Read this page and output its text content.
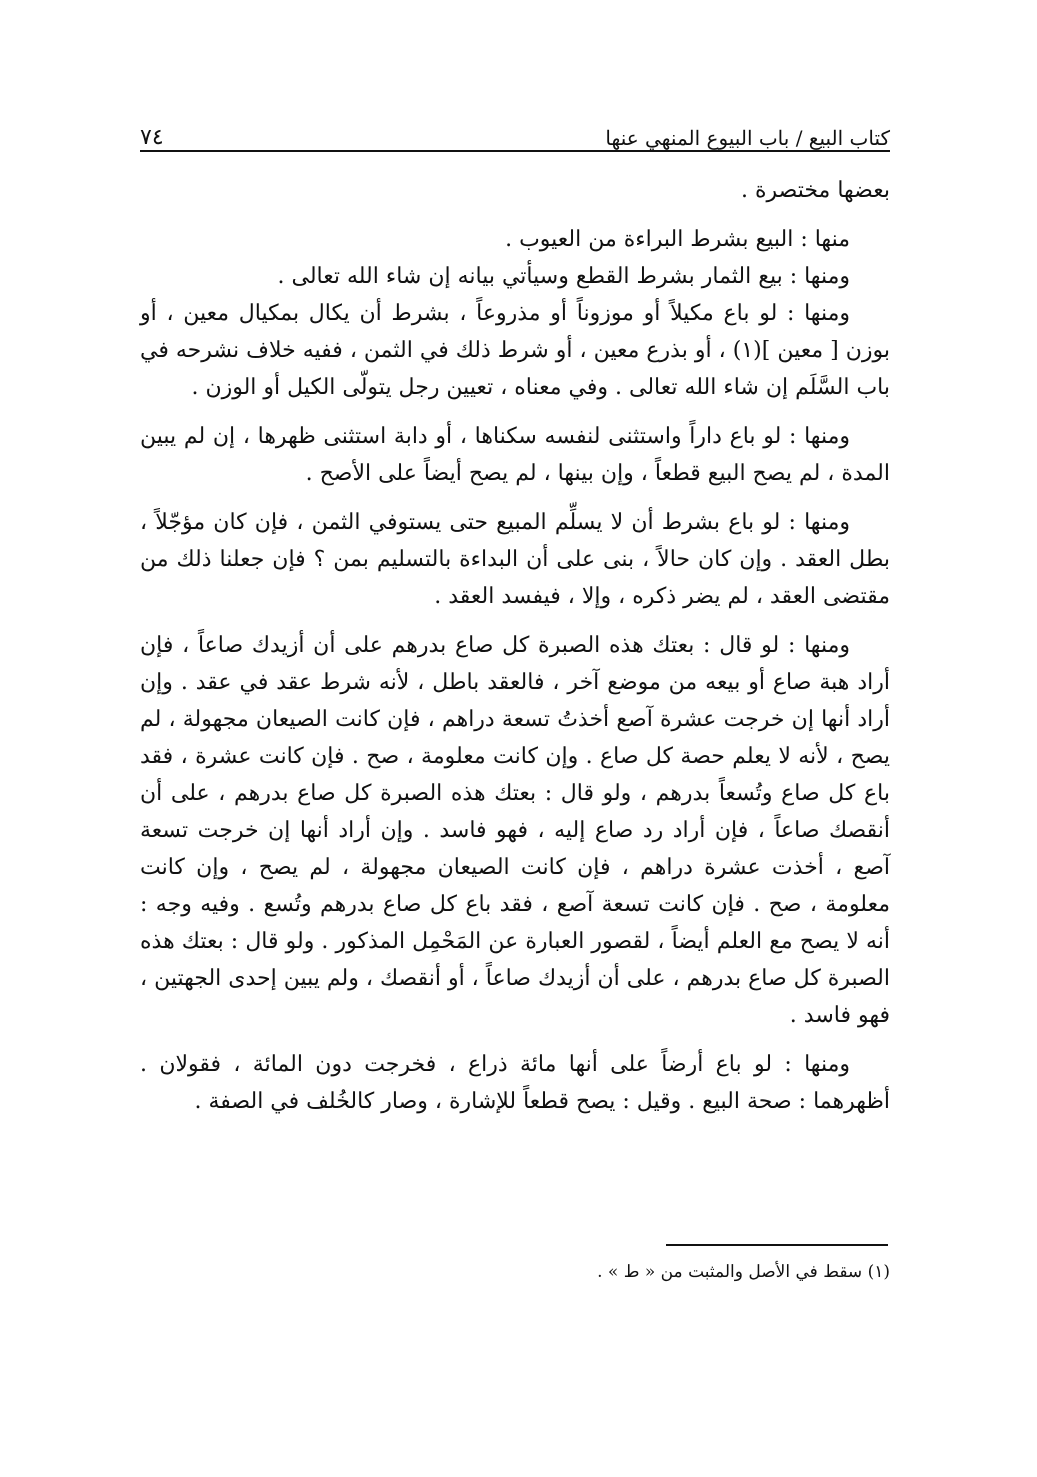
٧٤	كتاب البيع / باب البيوع المنهي عنها

بعضها مختصرة .

منها : البيع بشرط البراءة من العيوب .

ومنها : بيع الثمار بشرط القطع وسيأتي بيانه إن شاء الله تعالى .

ومنها : لو باع مكيلاً أو موزوناً أو مذروعاً ، بشرط أن يكال بمكيال معين ، أو بوزن [ معين ](١) ، أو بذرع معين ، أو شرط ذلك في الثمن ، ففيه خلاف نشرحه في باب السَّلَم إن شاء الله تعالى . وفي معناه ، تعيين رجل يتولّى الكيل أو الوزن .

ومنها : لو باع داراً واستثنى لنفسه سكناها ، أو دابة استثنى ظهرها ، إن لم يبين المدة ، لم يصح البيع قطعاً ، وإن بينها ، لم يصح أيضاً على الأصح .

ومنها : لو باع بشرط أن لا يسلِّم المبيع حتى يستوفي الثمن ، فإن كان مؤجّلاً ، بطل العقد . وإن كان حالاً ، بنى على أن البداءة بالتسليم بمن ؟ فإن جعلنا ذلك من مقتضى العقد ، لم يضر ذكره ، وإلا ، فيفسد العقد .

ومنها : لو قال : بعتك هذه الصبرة كل صاع بدرهم على أن أزيدك صاعاً ، فإن أراد هبة صاع أو بيعه من موضع آخر ، فالعقد باطل ، لأنه شرط عقد في عقد . وإن أراد أنها إن خرجت عشرة آصع أخذتُ تسعة دراهم ، فإن كانت الصيعان مجهولة ، لم يصح ، لأنه لا يعلم حصة كل صاع . وإن كانت معلومة ، صح . فإن كانت عشرة ، فقد باع كل صاع وتُسعاً بدرهم ، ولو قال : بعتك هذه الصبرة كل صاع بدرهم ، على أن أنقصك صاعاً ، فإن أراد رد صاع إليه ، فهو فاسد . وإن أراد أنها إن خرجت تسعة آصع ، أخذت عشرة دراهم ، فإن كانت الصيعان مجهولة ، لم يصح ، وإن كانت معلومة ، صح . فإن كانت تسعة آصع ، فقد باع كل صاع بدرهم وتُسع . وفيه وجه : أنه لا يصح مع العلم أيضاً ، لقصور العبارة عن المَحْمِل المذكور . ولو قال : بعتك هذه الصبرة كل صاع بدرهم ، على أن أزيدك صاعاً ، أو أنقصك ، ولم يبين إحدى الجهتين ، فهو فاسد .

ومنها : لو باع أرضاً على أنها مائة ذراع ، فخرجت دون المائة ، فقولان . أظهرهما : صحة البيع . وقيل : يصح قطعاً للإشارة ، وصار كالخُلف في الصفة .

(١) سقط في الأصل والمثبت من « ط » .
